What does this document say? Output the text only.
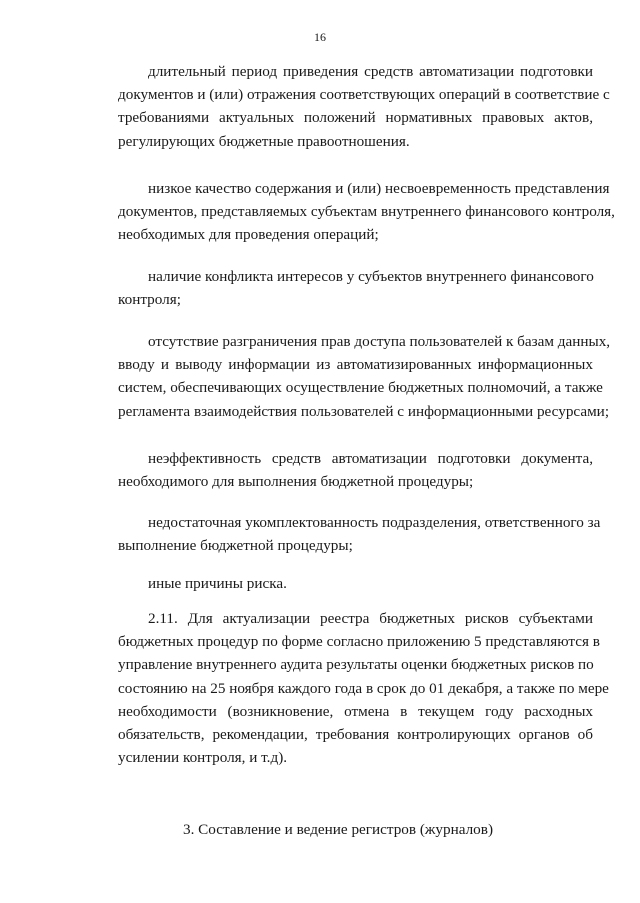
16
длительный период приведения средств автоматизации подготовки
документов и (или) отражения соответствующих операций в соответствие с
требованиями актуальных положений нормативных правовых актов,
регулирующих бюджетные правоотношения.
низкое качество содержания и (или) несвоевременность представления
документов, представляемых субъектам внутреннего финансового контроля,
необходимых для проведения операций;
наличие конфликта интересов у субъектов внутреннего финансового
контроля;
отсутствие разграничения прав доступа пользователей к базам данных,
вводу и выводу информации из автоматизированных информационных
систем, обеспечивающих осуществление бюджетных полномочий, а также
регламента взаимодействия пользователей с информационными ресурсами;
неэффективность средств автоматизации подготовки документа,
необходимого для выполнения бюджетной процедуры;
недостаточная укомплектованность подразделения, ответственного за
выполнение бюджетной процедуры;
иные причины риска.
2.11. Для актуализации реестра бюджетных рисков субъектами
бюджетных процедур по форме согласно приложению 5 представляются в
управление внутреннего аудита результаты оценки бюджетных рисков по
состоянию на 25 ноября каждого года в срок до 01 декабря, а также по мере
необходимости (возникновение, отмена в текущем году расходных
обязательств, рекомендации, требования контролирующих органов об
усилении контроля, и т.д).
3. Составление и ведение регистров (журналов)
